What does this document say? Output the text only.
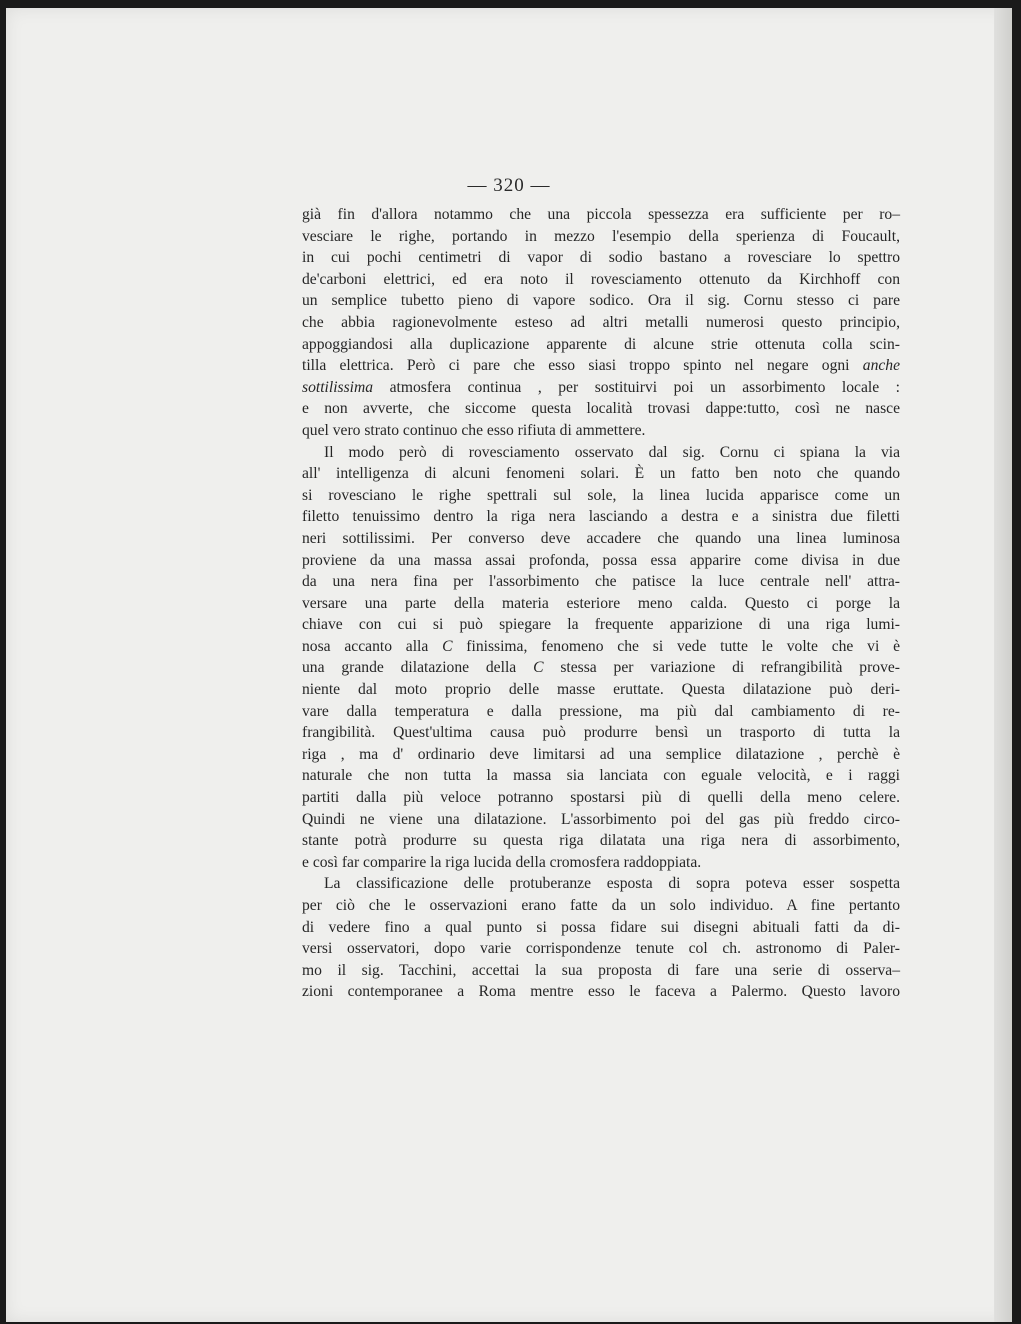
— 320 —
già fin d'allora notammo che una piccola spessezza era sufficiente per ro–
vesciare le righe, portando in mezzo l'esempio della sperienza di Foucault,
in cui pochi centimetri di vapor di sodio bastano a rovesciare lo spettro
de'carboni elettrici, ed era noto il rovesciamento ottenuto da Kirchhoff con
un semplice tubetto pieno di vapore sodico. Ora il sig. Cornu stesso ci pare
che abbia ragionevolmente esteso ad altri metalli numerosi questo principio,
appoggiandosi alla duplicazione apparente di alcune strie ottenuta colla scin-
tilla elettrica. Però ci pare che esso siasi troppo spinto nel negare ogni anche
sottilissima atmosfera continua , per sostituirvi poi un assorbimento locale :
e non avverte, che siccome questa località trovasi dappe:tutto, così ne nasce
quel vero strato continuo che esso rifiuta di ammettere.
Il modo però di rovesciamento osservato dal sig. Cornu ci spiana la via
all' intelligenza di alcuni fenomeni solari. È un fatto ben noto che quando
si rovesciano le righe spettrali sul sole, la linea lucida apparisce come un
filetto tenuissimo dentro la riga nera lasciando a destra e a sinistra due filetti
neri sottilissimi. Per converso deve accadere che quando una linea luminosa
proviene da una massa assai profonda, possa essa apparire come divisa in due
da una nera fina per l'assorbimento che patisce la luce centrale nell' attra-
versare una parte della materia esteriore meno calda. Questo ci porge la
chiave con cui si può spiegare la frequente apparizione di una riga lumi-
nosa accanto alla C finissima, fenomeno che si vede tutte le volte che vi è
una grande dilatazione della C stessa per variazione di refrangibilità prove-
niente dal moto proprio delle masse eruttate. Questa dilatazione può deri-
vare dalla temperatura e dalla pressione, ma più dal cambiamento di re-
frangibilità. Quest'ultima causa può produrre bensì un trasporto di tutta la
riga , ma d' ordinario deve limitarsi ad una semplice dilatazione , perchè è
naturale che non tutta la massa sia lanciata con eguale velocità, e i raggi
partiti dalla più veloce potranno spostarsi più di quelli della meno celere.
Quindi ne viene una dilatazione. L'assorbimento poi del gas più freddo circo-
stante potrà produrre su questa riga dilatata una riga nera di assorbimento,
e così far comparire la riga lucida della cromosfera raddoppiata.
La classificazione delle protuberanze esposta di sopra poteva esser sospetta
per ciò che le osservazioni erano fatte da un solo individuo. A fine pertanto
di vedere fino a qual punto si possa fidare sui disegni abituali fatti da di-
versi osservatori, dopo varie corrispondenze tenute col ch. astronomo di Paler-
mo il sig. Tacchini, accettai la sua proposta di fare una serie di osserva–
zioni contemporanee a Roma mentre esso le faceva a Palermo. Questo lavoro
